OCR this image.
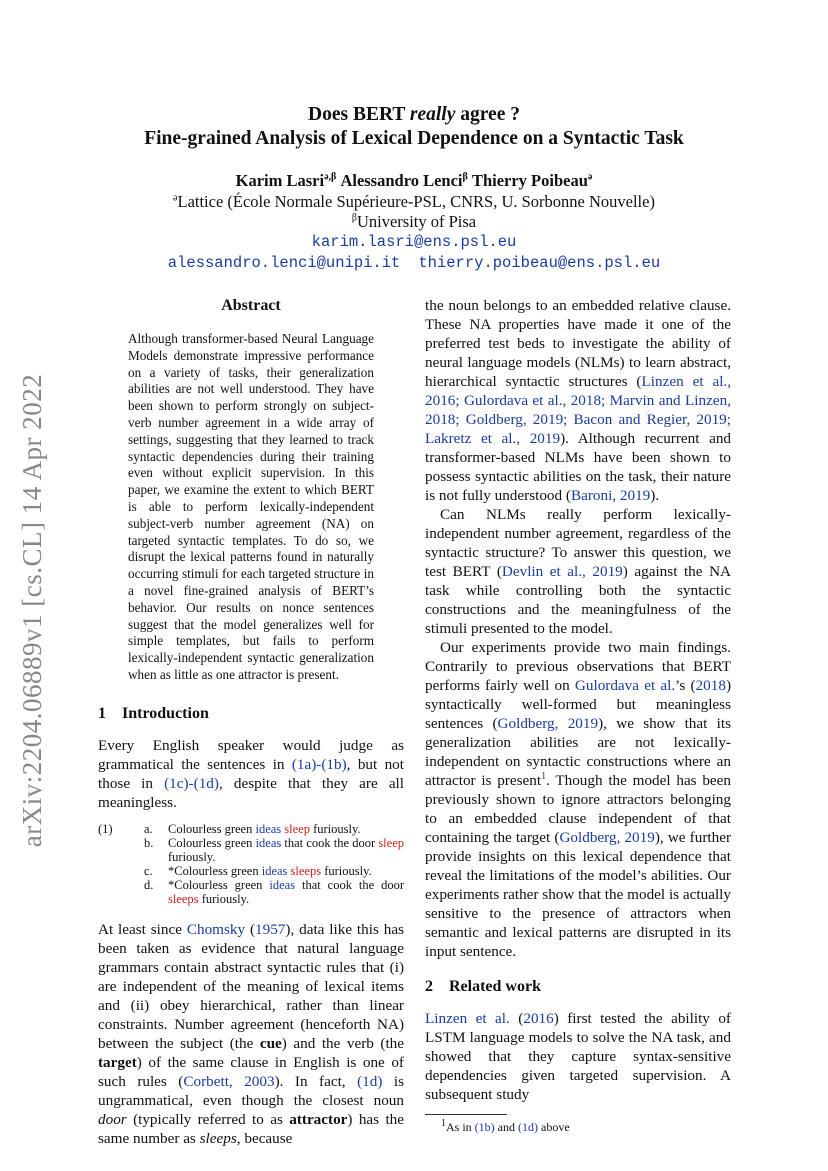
arXiv:2204.06889v1 [cs.CL] 14 Apr 2022

Does BERT really agree ?

Fine-grained Analysis of Lexical Dependence on a Syntactic Task

Karim Lasri$^{ə,\beta}$ Alessandro Lenci$^\beta$ Thierry Poibeau$^ə$
$^ə$Lattice (École Normale Supérieure-PSL, CNRS, U. Sorbonne Nouvelle)
$^\beta$University of Pisa
karim.lasri@ens.psl.eu
alessandro.lenci@unipi.it thierry.poibeau@ens.psl.eu
Abstract

Although transformer-based Neural Language Models demonstrate impressive performance on a variety of tasks, their generalization abilities are not well understood. They have been shown to perform strongly on subject-verb number agreement in a wide array of settings, suggesting that they learned to track syntactic dependencies during their training even without explicit supervision. In this paper, we examine the extent to which BERT is able to perform lexically-independent subject-verb number agreement (NA) on targeted syntactic templates. To do so, we disrupt the lexical patterns found in naturally occurring stimuli for each targeted structure in a novel fine-grained analysis of BERT’s behavior. Our results on nonce sentences suggest that the model generalizes well for simple templates, but fails to perform lexically-independent syntactic generalization when as little as one attractor is present.

1 Introduction

Every English speaker would judge as grammatical the sentences in (1a)-(1b), but not those in (1c)-(1d), despite that they are all meaningless.

(1)	a.	Colourless green ideas sleep furiously.
b.	Colourless green ideas that cook the door sleep furiously.
c.	*Colourless green ideas sleeps furiously.
d.	*Colourless green ideas that cook the door sleeps furiously.

At least since Chomsky (1957), data like this has been taken as evidence that natural language grammars contain abstract syntactic rules that (i) are independent of the meaning of lexical items and (ii) obey hierarchical, rather than linear constraints. Number agreement (henceforth NA) between the subject (the cue) and the verb (the target) of the same clause in English is one of such rules (Corbett, 2003). In fact, (1d) is ungrammatical, even though the closest noun door (typically referred to as attractor) has the same number as sleeps, because

the noun belongs to an embedded relative clause. These NA properties have made it one of the preferred test beds to investigate the ability of neural language models (NLMs) to learn abstract, hierarchical syntactic structures (Linzen et al., 2016; Gulordava et al., 2018; Marvin and Linzen, 2018; Goldberg, 2019; Bacon and Regier, 2019; Lakretz et al., 2019). Although recurrent and transformer-based NLMs have been shown to possess syntactic abilities on the task, their nature is not fully understood (Baroni, 2019).

Can NLMs really perform lexically-independent number agreement, regardless of the syntactic structure? To answer this question, we test BERT (Devlin et al., 2019) against the NA task while controlling both the syntactic constructions and the meaningfulness of the stimuli presented to the model.

Our experiments provide two main findings. Contrarily to previous observations that BERT performs fairly well on Gulordava et al.’s (2018) syntactically well-formed but meaningless sentences (Goldberg, 2019), we show that its generalization abilities are not lexically-independent on syntactic constructions where an attractor is present$^1$. Though the model has been previously shown to ignore attractors belonging to an embedded clause independent of that containing the target (Goldberg, 2019), we further provide insights on this lexical dependence that reveal the limitations of the model’s abilities. Our experiments rather show that the model is actually sensitive to the presence of attractors when semantic and lexical patterns are disrupted in its input sentence.

2 Related work

Linzen et al. (2016) first tested the ability of LSTM language models to solve the NA task, and showed that they capture syntax-sensitive dependencies given targeted supervision. A subsequent study

$^1$As in (1b) and (1d) above
